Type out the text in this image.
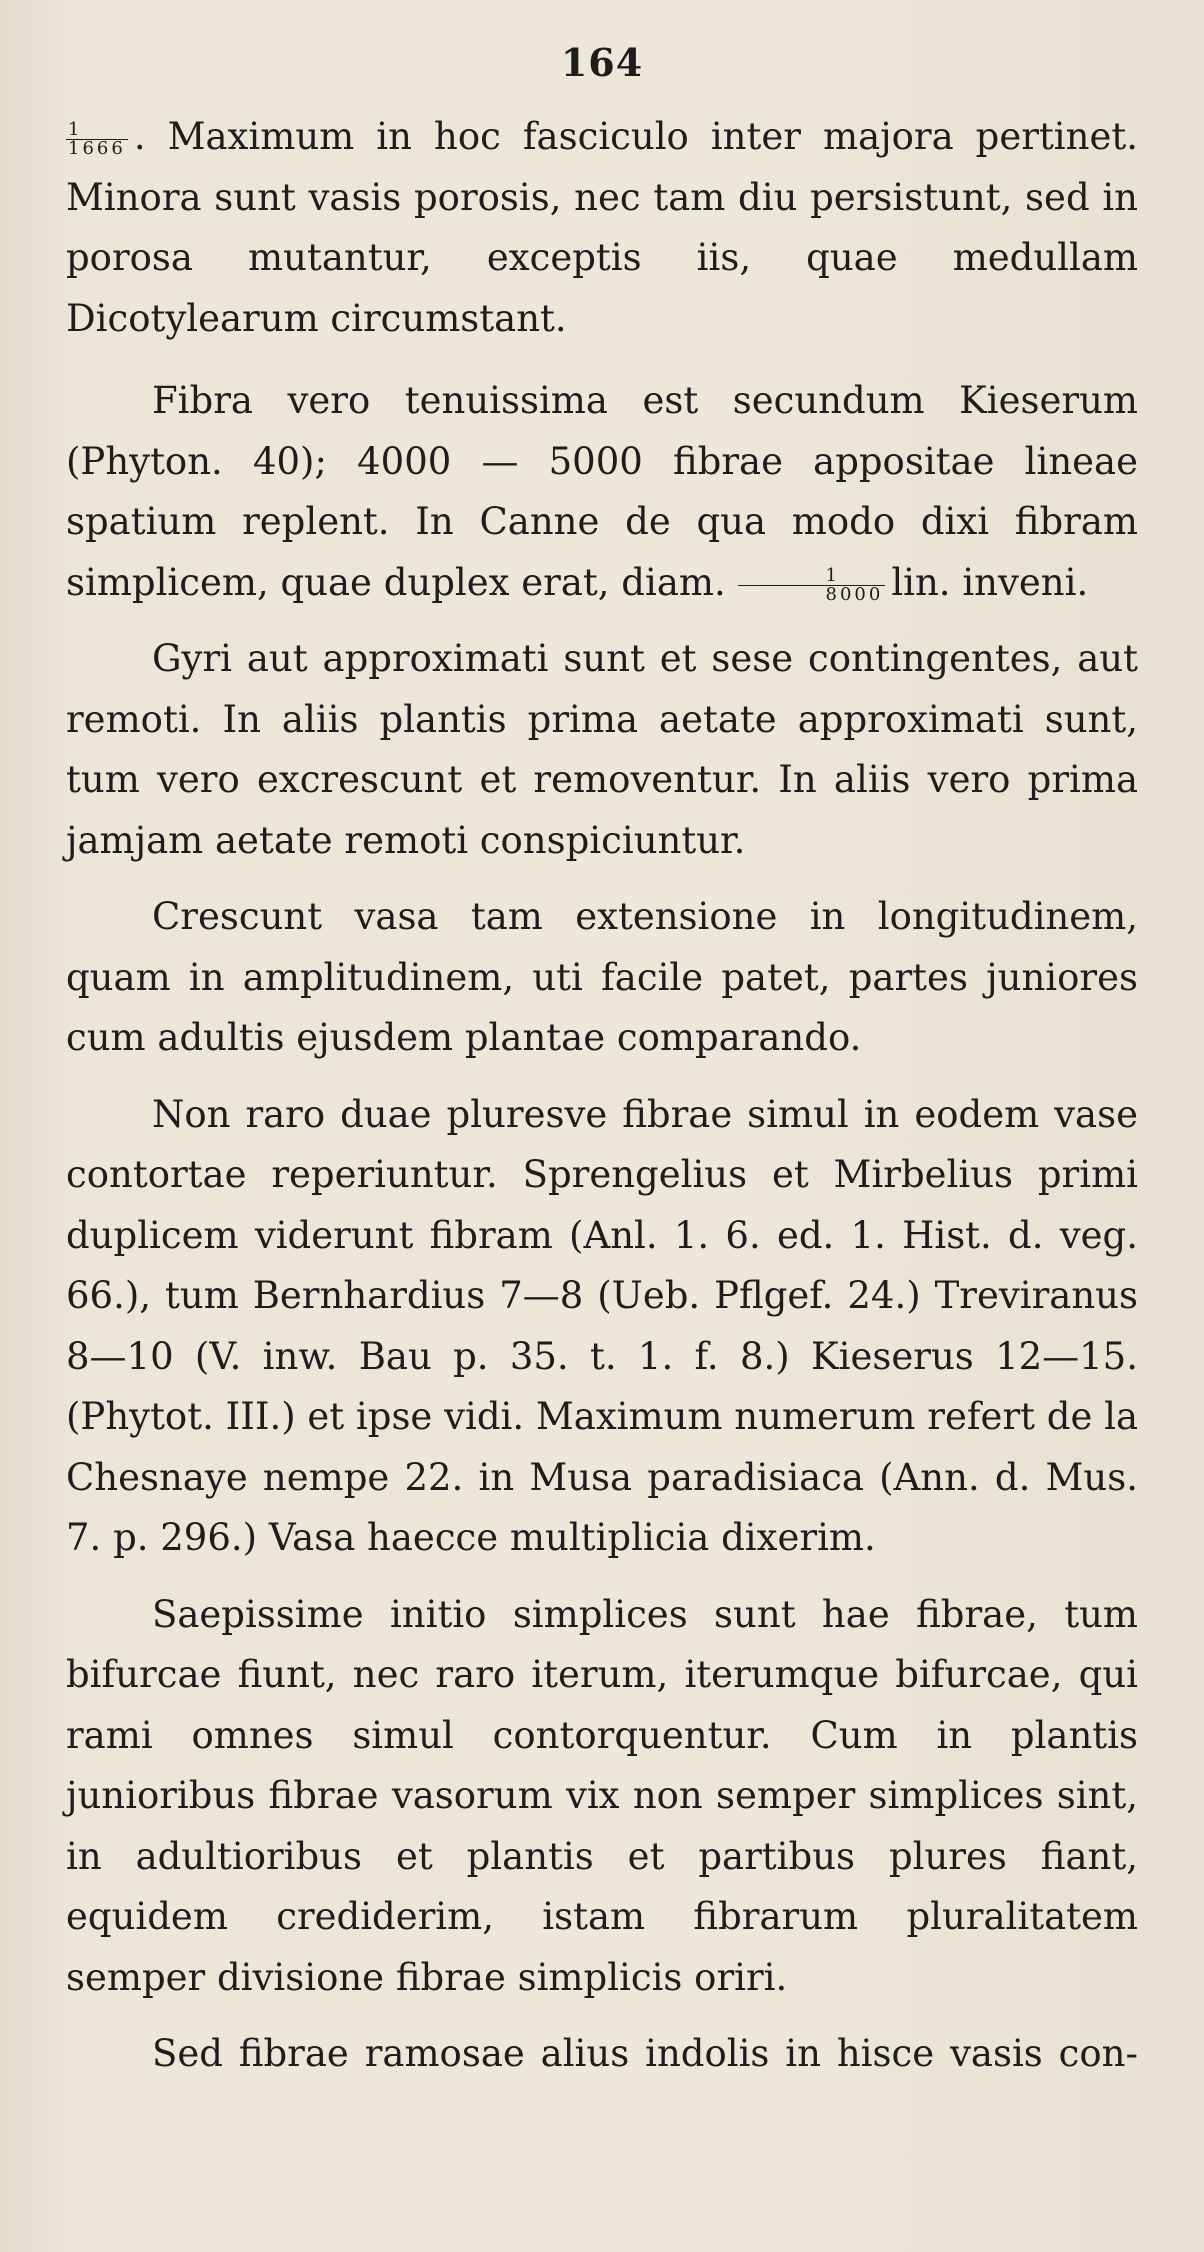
164

$\frac{1}{1666}$ . Maximum in hoc fasciculo inter majora pertinet. Minora sunt vasis porosis, nec tam diu persistunt, sed in porosa mutantur, exceptis iis, quae medullam Dicotylearum circumstant.

Fibra vero tenuissima est secundum Kieserum (Phyton. 40); 4000 — 5000 fibrae appositae lineae spatium replent. In Canne de qua modo dixi fibram simplicem, quae duplex erat, diam. $\frac{1}{8000}$ lin. inveni.

Gyri aut approximati sunt et sese contingentes, aut remoti. In aliis plantis prima aetate approximati sunt, tum vero excrescunt et removentur. In aliis vero prima jamjam aetate remoti conspiciuntur.

Crescunt vasa tam extensione in longitudinem, quam in amplitudinem, uti facile patet, partes juniores cum adultis ejusdem plantae comparando.

Non raro duae pluresve fibrae simul in eodem vase contortae reperiuntur. Sprengelius et Mirbelius primi duplicem viderunt fibram (Anl. 1. 6. ed. 1. Hist. d. veg. 66.), tum Bernhardius 7—8 (Ueb. Pflgef. 24.) Treviranus 8—10 (V. inw. Bau p. 35. t. 1. f. 8.) Kieserus 12—15. (Phytot. III.) et ipse vidi. Maximum numerum refert de la Chesnaye nempe 22. in Musa paradisiaca (Ann. d. Mus. 7. p. 296.) Vasa haecce multiplicia dixerim.

Saepissime initio simplices sunt hae fibrae, tum bifurcae fiunt, nec raro iterum, iterumque bifurcae, qui rami omnes simul contorquentur. Cum in plantis junioribus fibrae vasorum vix non semper simplices sint, in adultioribus et plantis et partibus plures fiant, equidem crediderim, istam fibrarum pluralitatem semper divisione fibrae simplicis oriri.

Sed fibrae ramosae alius indolis in hisce vasis con-
